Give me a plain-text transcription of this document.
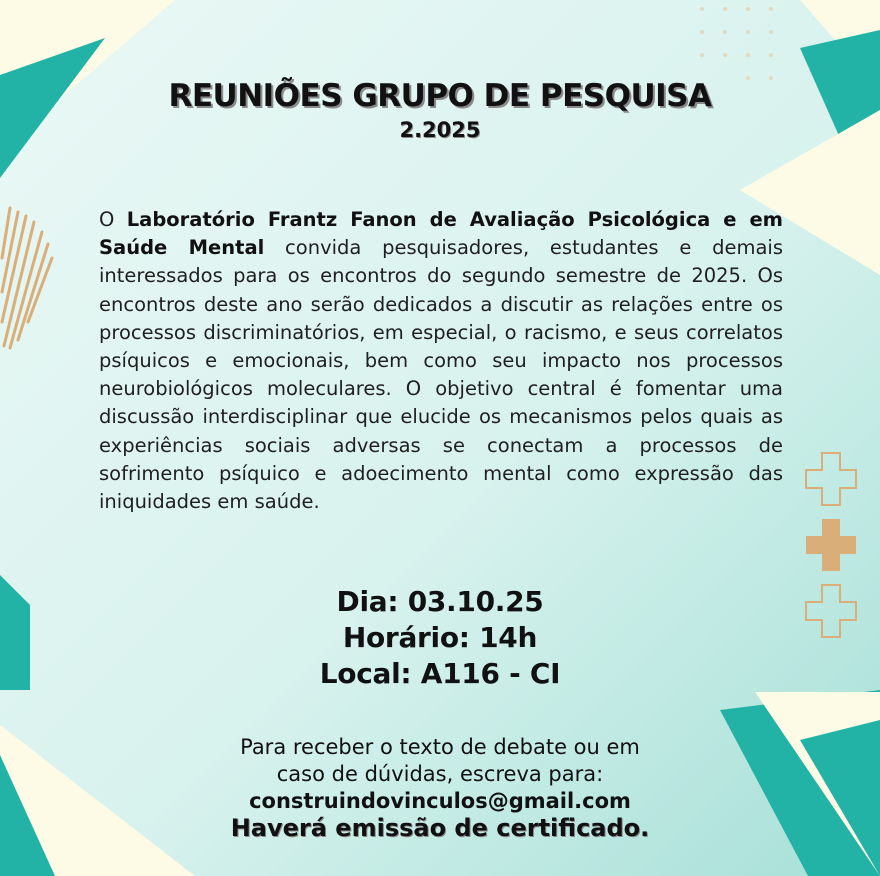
REUNIÕES GRUPO DE PESQUISA
2.2025

O Laboratório Frantz Fanon de Avaliação Psicológica e em Saúde Mental convida pesquisadores, estudantes e demais interessados para os encontros do segundo semestre de 2025. Os encontros deste ano serão dedicados a discutir as relações entre os processos discriminatórios, em especial, o racismo, e seus correlatos psíquicos e emocionais, bem como seu impacto nos processos neurobiológicos moleculares. O objetivo central é fomentar uma discussão interdisciplinar que elucide os mecanismos pelos quais as experiências sociais adversas se conectam a processos de sofrimento psíquico e adoecimento mental como expressão das iniquidades em saúde.

Dia: 03.10.25
Horário: 14h
Local: A116 - CI
Para receber o texto de debate ou em
caso de dúvidas, escreva para:
construindovinculos@gmail.com
Haverá emissão de certificado.
